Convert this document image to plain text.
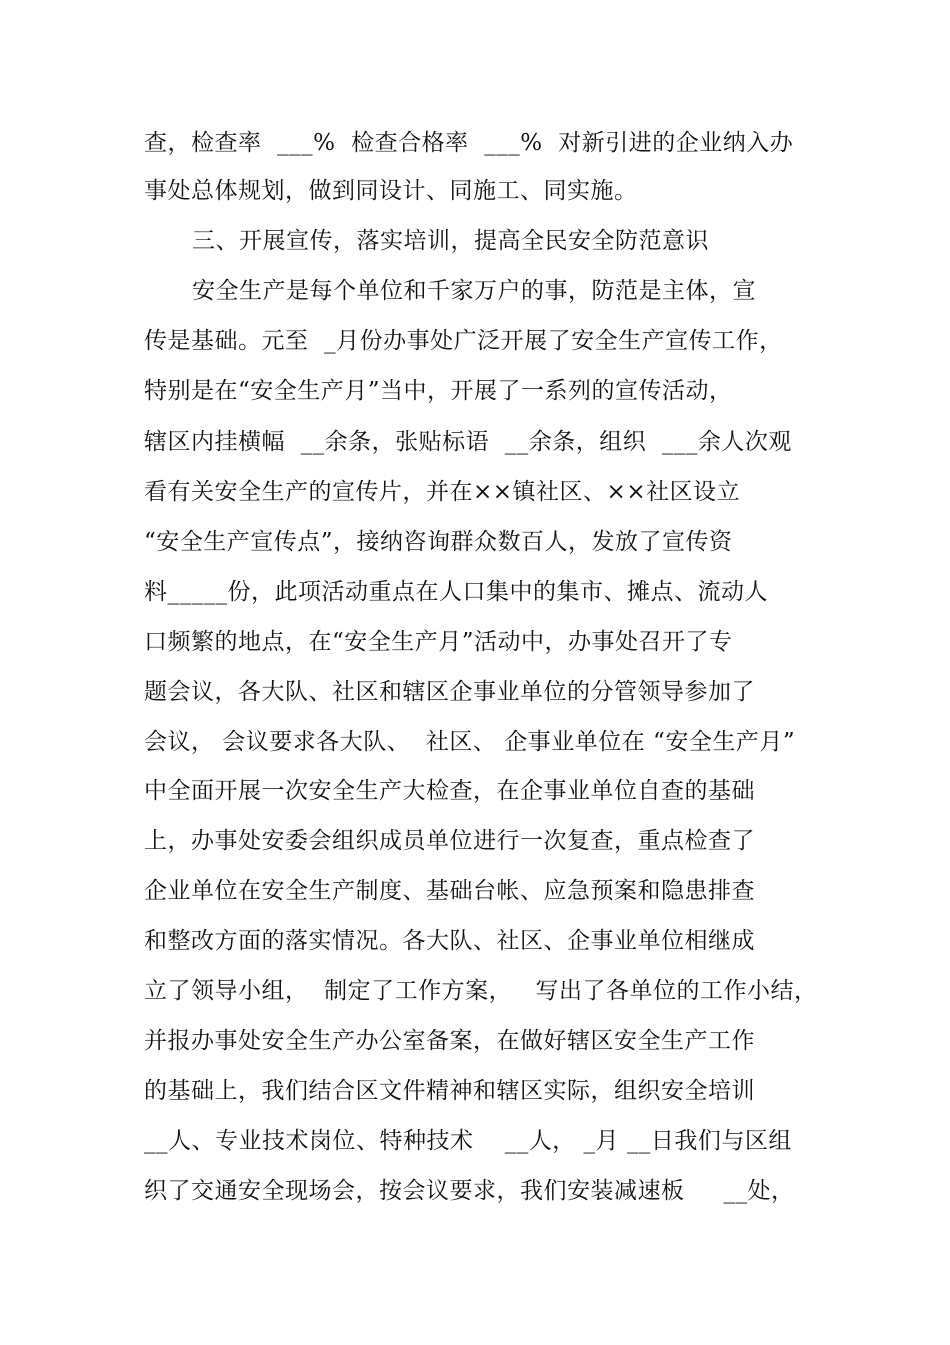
查，检查率  ___%  检查合格率  ___%  对新引进的企业纳入办
事处总体规划，做到同设计、同施工、同实施。
三、开展宣传，落实培训，提高全民安全防范意识
安全生产是每个单位和千家万户的事，防范是主体，宣
传是基础。元至  _月份办事处广泛开展了安全生产宣传工作，
特别是在“安全生产月”当中，开展了一系列的宣传活动，
辖区内挂横幅  __余条，张贴标语  __余条，组织  ___余人次观
看有关安全生产的宣传片，并在××镇社区、××社区设立
“安全生产宣传点”，接纳咨询群众数百人，发放了宣传资
料_____份，此项活动重点在人口集中的集市、摊点、流动人
口频繁的地点，在“安全生产月”活动中，办事处召开了专
题会议，各大队、社区和辖区企事业单位的分管领导参加了
会议， 会议要求各大队、  社区、 企事业单位在 “安全生产月”
中全面开展一次安全生产大检查，在企事业单位自查的基础
上，办事处安委会组织成员单位进行一次复查，重点检查了
企业单位在安全生产制度、基础台帐、应急预案和隐患排查
和整改方面的落实情况。各大队、社区、企事业单位相继成
立了领导小组，  制定了工作方案，   写出了各单位的工作小结，
并报办事处安全生产办公室备案，在做好辖区安全生产工作
的基础上，我们结合区文件精神和辖区实际，组织安全培训
__人、专业技术岗位、特种技术    __人， _月 __日我们与区组
织了交通安全现场会，按会议要求，我们安装减速板     __处，
